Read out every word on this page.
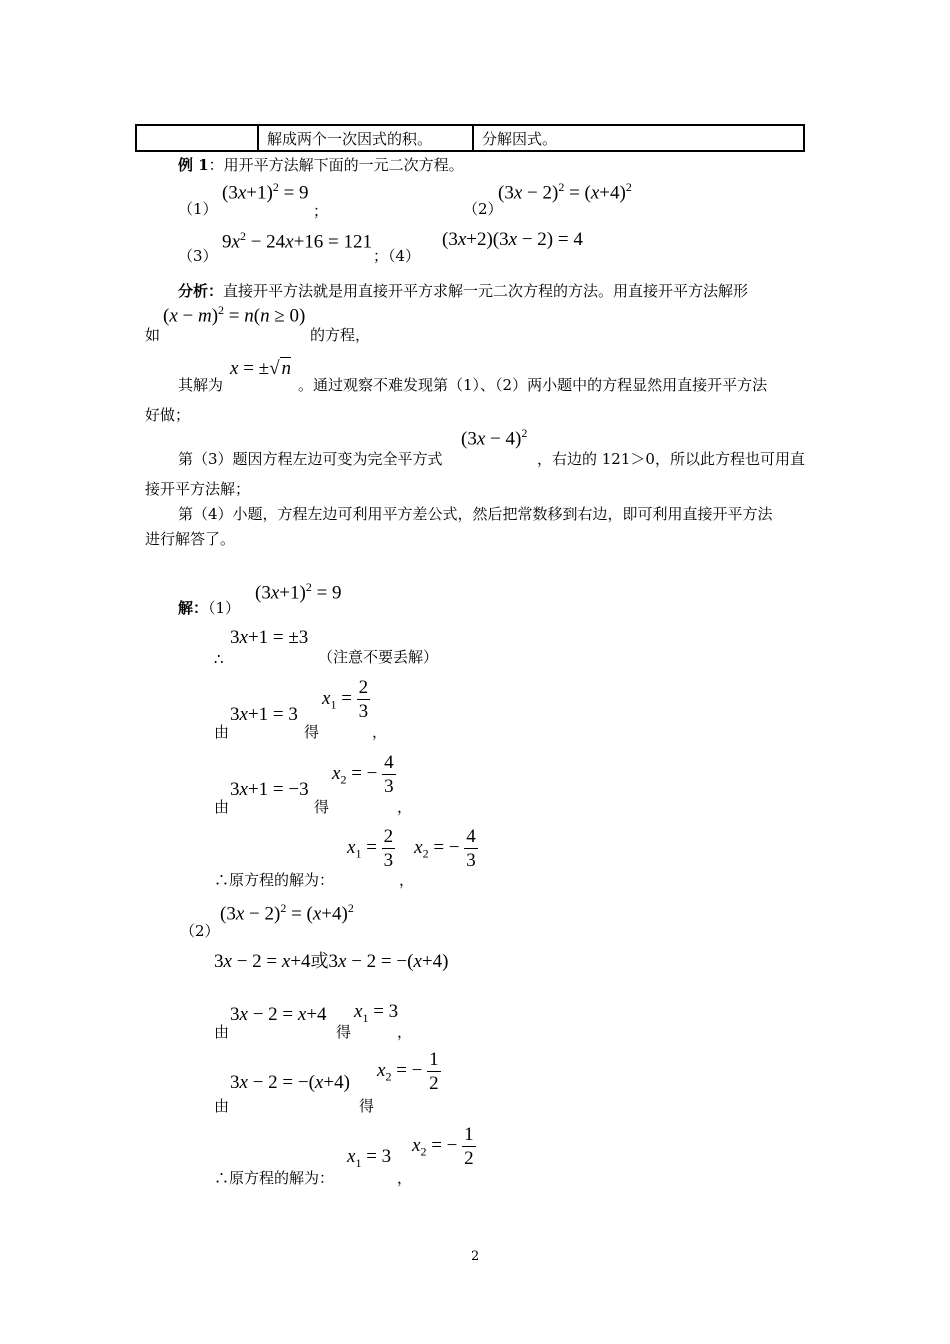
	解成两个一次因式的积。	分解因式。
例 1：用开平方法解下面的一元二次方程。
（1）
$(3x+1)^2 = 9$
；	（2）
$(3x - 2)^2 = (x+4)^2$
（3）
$9x^2 - 24x+16 = 121$
；（4）
(3x+2)(3x − 2) = 4
分析：直接开平方法就是用直接开平方求解一元二次方程的方法。用直接开平方法解形
$(x - m)^2 = n(n \ge 0)$
如	的方程，
其解为
x = ±√ n
。通过观察不难发现第（1）、（2）两小题中的方程显然用直接开平方法
好做；
$(3x - 4)^2$
第（3）题因方程左边可变为完全平方式	，右边的 121＞0，所以此方程也可用直
接开平方法解；
第（4）小题，方程左边可利用平方差公式，然后把常数移到右边，即可利用直接开平方法
进行解答了。
解：（1）
$(3x+1)^2 = 9$
∴
3x+1 = ±3
（注意不要丢解）
由
3x+1 = 3
得
$x_1 = \frac{2}{3}$
，
由
3x+1 = −3
得
$x_2$ = − $\frac{4}{3}$
，
$x_1 = \frac{2}{3} x_2$ = − $\frac{4}{3}$
∴原方程的解为：	，
（2）
$(3x - 2)^2 = (x+4)^2$
3x − 2 = x+4或3x − 2 = −(x+4)
由
3x − 2 = x+4
得
$x_1 = 3$
，
由
3x − 2 = −(x+4)
得
$x_2$ = − $\frac{1}{2}$
$x_1 = 3$
$x_2$ = − $\frac{1}{2}$
∴原方程的解为：	，
2
